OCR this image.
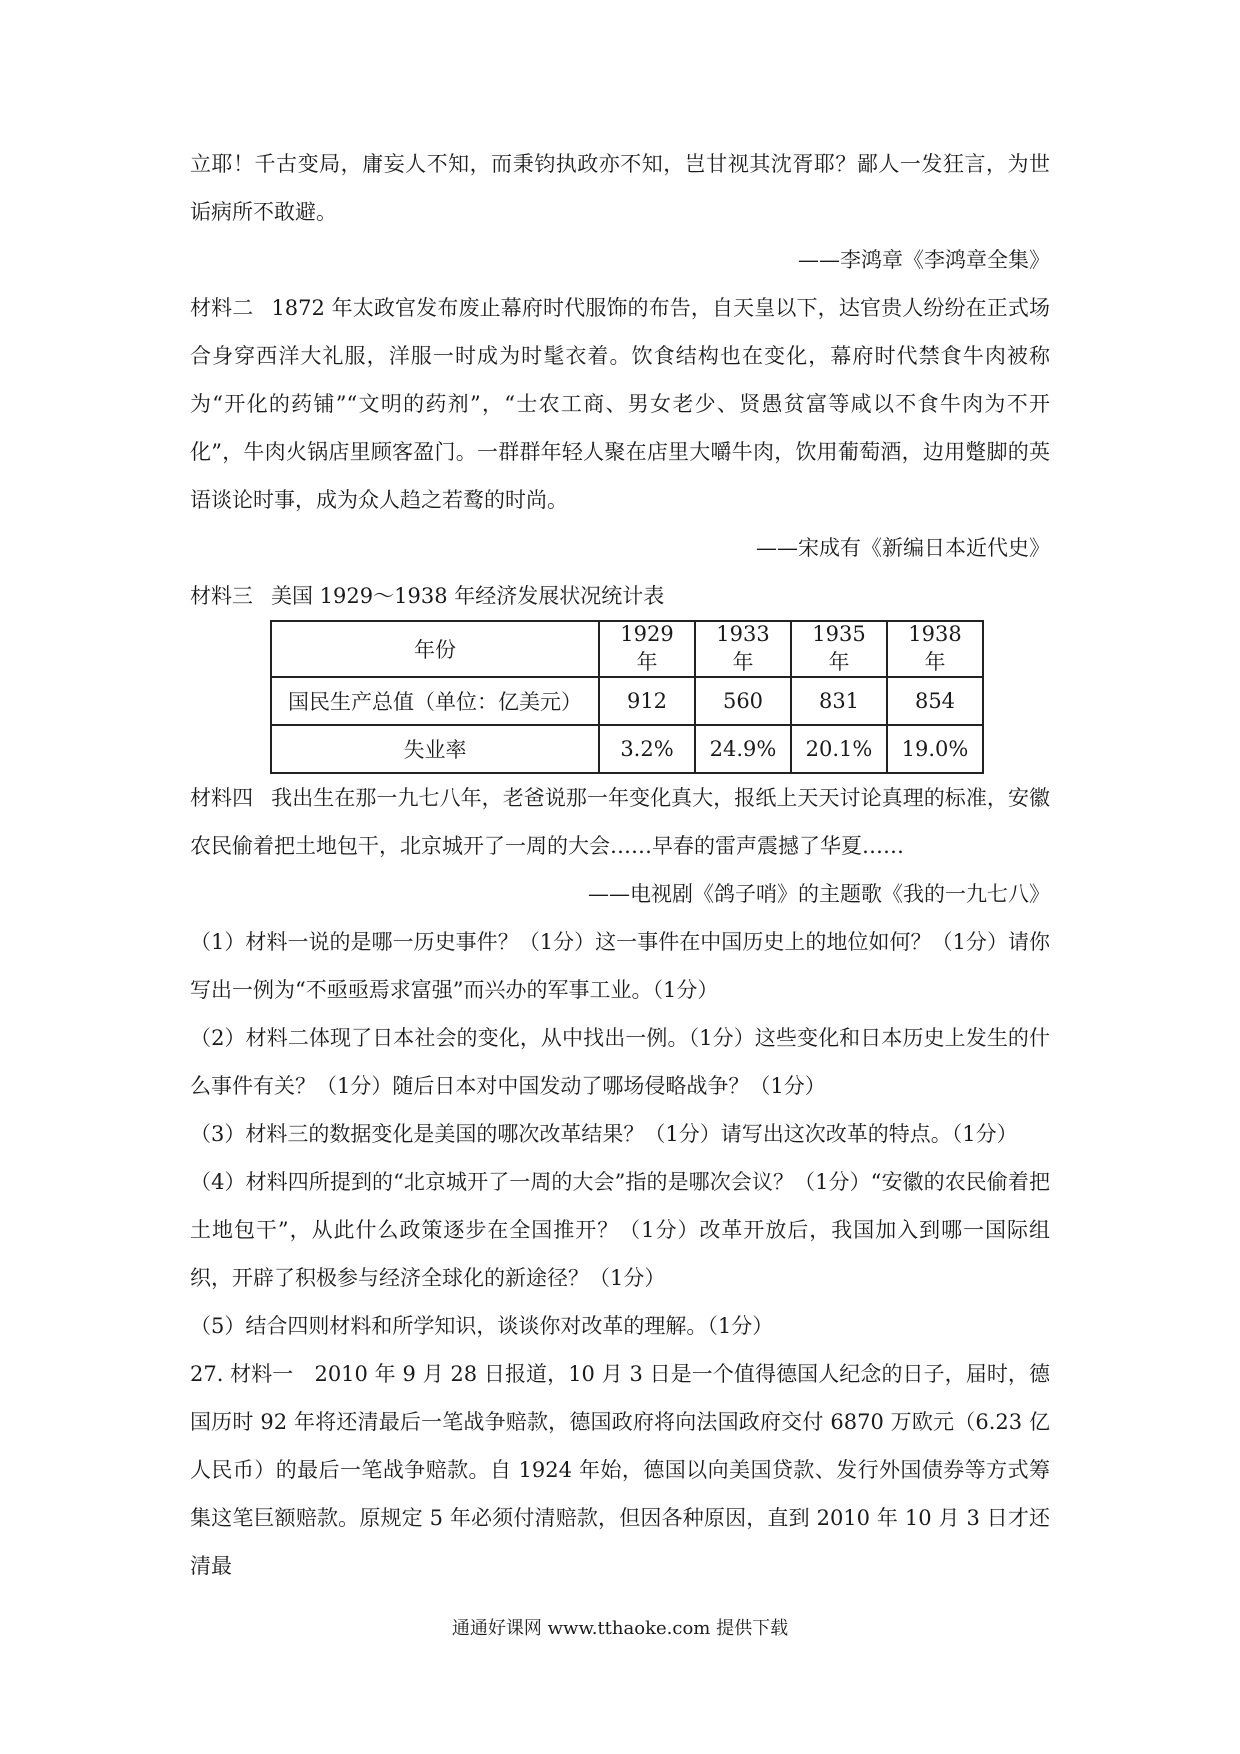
立耶！千古变局，庸妄人不知，而秉钧执政亦不知，岂甘视其沈胥耶？鄙人一发狂言，为世诟病所不敢避。

——李鸿章《李鸿章全集》

材料二 1872 年太政官发布废止幕府时代服饰的布告，自天皇以下，达官贵人纷纷在正式场合身穿西洋大礼服，洋服一时成为时髦衣着。饮食结构也在变化，幕府时代禁食牛肉被称为“开化的药铺”“文明的药剂”，“士农工商、男女老少、贤愚贫富等咸以不食牛肉为不开化”，牛肉火锅店里顾客盈门。一群群年轻人聚在店里大嚼牛肉，饮用葡萄酒，边用蹩脚的英语谈论时事，成为众人趋之若鹜的时尚。

——宋成有《新编日本近代史》

材料三 美国 1929～1938 年经济发展状况统计表

年份	1929 年	1933 年	1935 年	1938 年
国民生产总值（单位：亿美元）	912	560	831	854
失业率	3.2%	24.9%	20.1%	19.0%

材料四 我出生在那一九七八年，老爸说那一年变化真大，报纸上天天讨论真理的标准，安徽农民偷着把土地包干，北京城开了一周的大会……早春的雷声震撼了华夏……

——电视剧《鸽子哨》的主题歌《我的一九七八》

（1）材料一说的是哪一历史事件？（1分）这一事件在中国历史上的地位如何？（1分）请你写出一例为“不亟亟焉求富强”而兴办的军事工业。（1分）

（2）材料二体现了日本社会的变化，从中找出一例。（1分）这些变化和日本历史上发生的什么事件有关？（1分）随后日本对中国发动了哪场侵略战争？（1分）

（3）材料三的数据变化是美国的哪次改革结果？（1分）请写出这次改革的特点。（1分）

（4）材料四所提到的“北京城开了一周的大会”指的是哪次会议？（1分）“安徽的农民偷着把土地包干”，从此什么政策逐步在全国推开？（1分）改革开放后，我国加入到哪一国际组织，开辟了积极参与经济全球化的新途径？（1分）

（5）结合四则材料和所学知识，谈谈你对改革的理解。（1分）

27. 材料一　2010 年 9 月 28 日报道，10 月 3 日是一个值得德国人纪念的日子，届时，德国历时 92 年将还清最后一笔战争赔款，德国政府将向法国政府交付 6870 万欧元（6.23 亿人民币）的最后一笔战争赔款。自 1924 年始，德国以向美国贷款、发行外国债券等方式筹集这笔巨额赔款。原规定 5 年必须付清赔款，但因各种原因，直到 2010 年 10 月 3 日才还清最

通通好课网 www.tthaoke.com 提供下载
